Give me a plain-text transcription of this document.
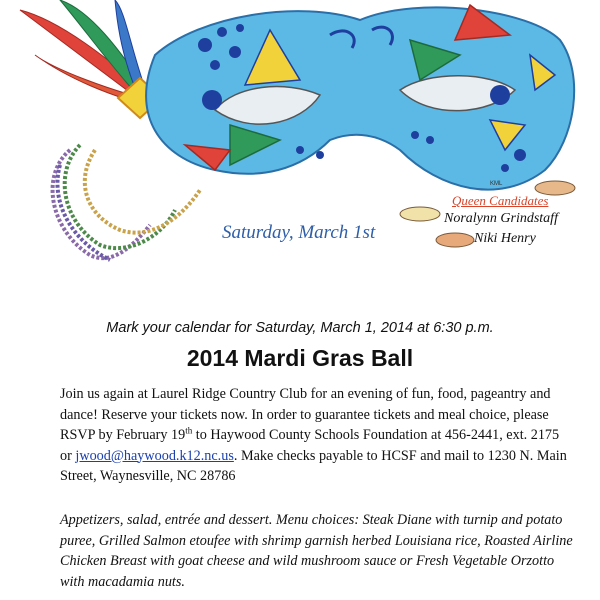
KML
Saturday, March 1st
Queen Candidates
Noralynn Grindstaff
Niki Henry
Mark your calendar for Saturday, March 1, 2014 at 6:30 p.m.
2014 Mardi Gras Ball
Join us again at Laurel Ridge Country Club for an evening of fun, food, pageantry and dance! Reserve your tickets now. In order to guarantee tickets and meal choice, please RSVP by February 19th to Haywood County Schools Foundation at 456-2441, ext. 2175 or jwood@haywood.k12.nc.us. Make checks payable to HCSF and mail to 1230 N. Main Street, Waynesville, NC 28786
Appetizers, salad, entrée and dessert. Menu choices: Steak Diane with turnip and potato puree, Grilled Salmon etoufee with shrimp garnish herbed Louisiana rice, Roasted Airline Chicken Breast with goat cheese and wild mushroom sauce or Fresh Vegetable Orzotto with macadamia nuts.
